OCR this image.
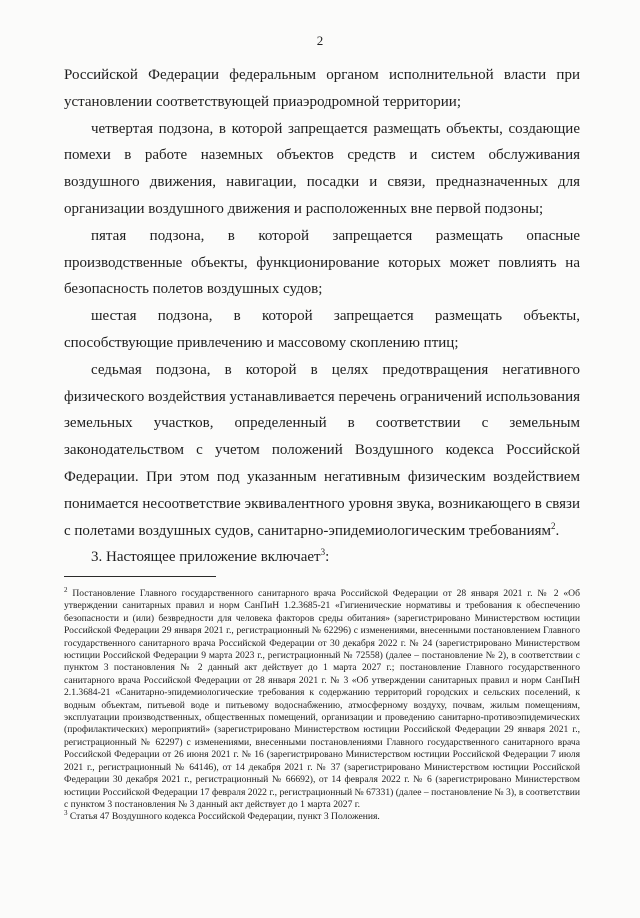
2

Российской Федерации федеральным органом исполнительной власти при установлении соответствующей приаэродромной территории;

четвертая подзона, в которой запрещается размещать объекты, создающие помехи в работе наземных объектов средств и систем обслуживания воздушного движения, навигации, посадки и связи, предназначенных для организации воздушного движения и расположенных вне первой подзоны;

пятая подзона, в которой запрещается размещать опасные производственные объекты, функционирование которых может повлиять на безопасность полетов воздушных судов;

шестая подзона, в которой запрещается размещать объекты, способствующие привлечению и массовому скоплению птиц;

седьмая подзона, в которой в целях предотвращения негативного физического воздействия устанавливается перечень ограничений использования земельных участков, определенный в соответствии с земельным законодательством с учетом положений Воздушного кодекса Российской Федерации. При этом под указанным негативным физическим воздействием понимается несоответствие эквивалентного уровня звука, возникающего в связи с полетами воздушных судов, санитарно-эпидемиологическим требованиям$^2$.

3. Настоящее приложение включает$^3$:

$^2$ Постановление Главного государственного санитарного врача Российской Федерации от 28 января 2021 г. № 2 «Об утверждении санитарных правил и норм СанПиН 1.2.3685-21 «Гигиенические нормативы и требования к обеспечению безопасности и (или) безвредности для человека факторов среды обитания» (зарегистрировано Министерством юстиции Российской Федерации 29 января 2021 г., регистрационный № 62296) с изменениями, внесенными постановлением Главного государственного санитарного врача Российской Федерации от 30 декабря 2022 г. № 24 (зарегистрировано Министерством юстиции Российской Федерации 9 марта 2023 г., регистрационный № 72558) (далее – постановление № 2), в соответствии с пунктом 3 постановления № 2 данный акт действует до 1 марта 2027 г.; постановление Главного государственного санитарного врача Российской Федерации от 28 января 2021 г. № 3 «Об утверждении санитарных правил и норм СанПиН 2.1.3684-21 «Санитарно-эпидемиологические требования к содержанию территорий городских и сельских поселений, к водным объектам, питьевой воде и питьевому водоснабжению, атмосферному воздуху, почвам, жилым помещениям, эксплуатации производственных, общественных помещений, организации и проведению санитарно-противоэпидемических (профилактических) мероприятий» (зарегистрировано Министерством юстиции Российской Федерации 29 января 2021 г., регистрационный № 62297) с изменениями, внесенными постановлениями Главного государственного санитарного врача Российской Федерации от 26 июня 2021 г. № 16 (зарегистрировано Министерством юстиции Российской Федерации 7 июля 2021 г., регистрационный № 64146), от 14 декабря 2021 г. № 37 (зарегистрировано Министерством юстиции Российской Федерации 30 декабря 2021 г., регистрационный № 66692), от 14 февраля 2022 г. № 6 (зарегистрировано Министерством юстиции Российской Федерации 17 февраля 2022 г., регистрационный № 67331) (далее – постановление № 3), в соответствии с пунктом 3 постановления № 3 данный акт действует до 1 марта 2027 г.

$^3$ Статья 47 Воздушного кодекса Российской Федерации, пункт 3 Положения.
